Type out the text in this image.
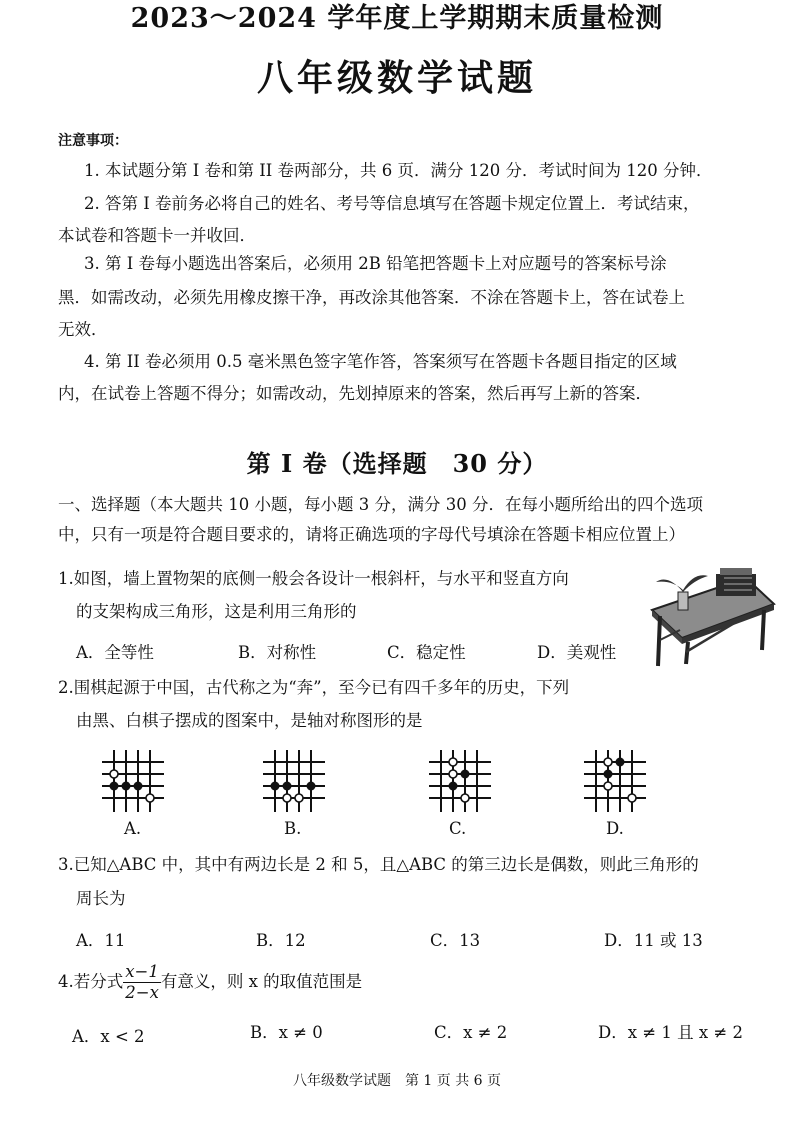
2023～2024 学年度上学期期末质量检测
八年级数学试题
注意事项：
1. 本试题分第 I 卷和第 II 卷两部分，共 6 页．满分 120 分．考试时间为 120 分钟．
2. 答第 I 卷前务必将自己的姓名、考号等信息填写在答题卡规定位置上．考试结束，
本试卷和答题卡一并收回．
3. 第 I 卷每小题选出答案后，必须用 2B 铅笔把答题卡上对应题号的答案标号涂
黑．如需改动，必须先用橡皮擦干净，再改涂其他答案．不涂在答题卡上，答在试卷上
无效．
4. 第 II 卷必须用 0.5 毫米黑色签字笔作答，答案须写在答题卡各题目指定的区域
内，在试卷上答题不得分；如需改动，先划掉原来的答案，然后再写上新的答案．
第 I 卷（选择题　30 分）
一、选择题（本大题共 10 小题，每小题 3 分，满分 30 分．在每小题所给出的四个选项
中，只有一项是符合题目要求的，请将正确选项的字母代号填涂在答题卡相应位置上）
1.如图，墙上置物架的底侧一般会各设计一根斜杆，与水平和竖直方向
的支架构成三角形，这是利用三角形的
A．全等性	B．对称性	C．稳定性	D．美观性
2.围棋起源于中国，古代称之为“奔”，至今已有四千多年的历史，下列
由黑、白棋子摆成的图案中，是轴对称图形的是
A.	B.	C.	D.
3.已知△ABC 中，其中有两边长是 2 和 5，且△ABC 的第三边长是偶数，则此三角形的
周长为
A．11	B．12	C．13	D．11 或 13
4.若分式 $\frac{x-1}{2-x}$ 有意义，则 x 的取值范围是
A．x < 2	B．x ≠ 0	C．x ≠ 2	D．x ≠ 1 且 x ≠ 2
八年级数学试题　第 1 页 共 6 页
